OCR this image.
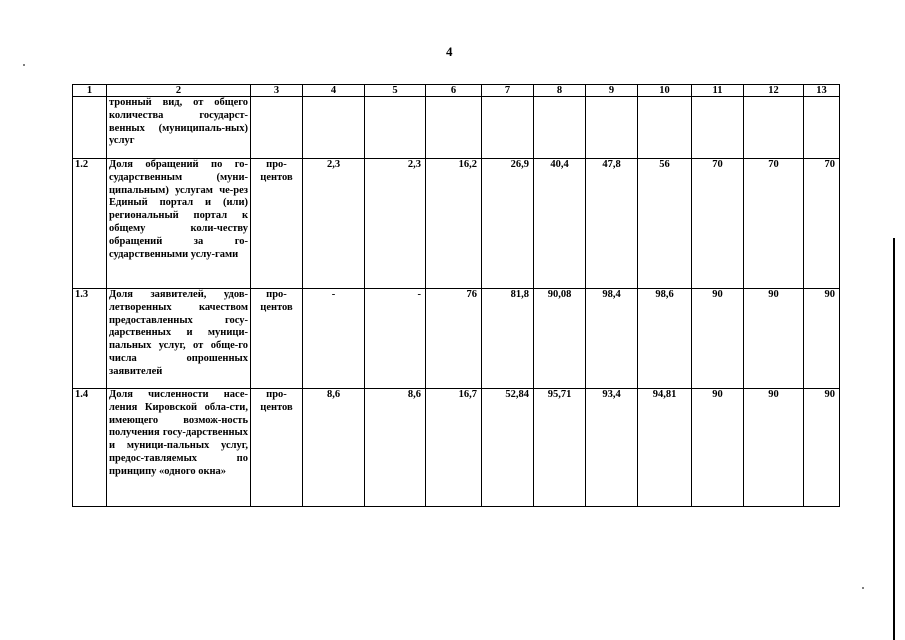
4
1	2	3	4	5	6	7	8	9	10	11	12	13
	тронный вид, от общего количества государст-венных (муниципаль-ных) услуг											
1.2	Доля обращений по го-сударственным (муни-ципальным) услугам че-рез Единый портал и (или) региональный портал к общему коли-честву обращений за го-сударственными услу-гами	про-центов	2,3	2,3	16,2	26,9	40,4	47,8	56	70	70	70
1.3	Доля заявителей, удов-летворенных качеством предоставленных госу-дарственных и муници-пальных услуг, от обще-го числа опрошенных заявителей	про-центов	-	-	76	81,8	90,08	98,4	98,6	90	90	90
1.4	Доля численности насе-ления Кировской обла-сти, имеющего возмож-ность получения госу-дарственных и муници-пальных услуг, предос-тавляемых по принципу «одного окна»	про-центов	8,6	8,6	16,7	52,84	95,71	93,4	94,81	90	90	90
